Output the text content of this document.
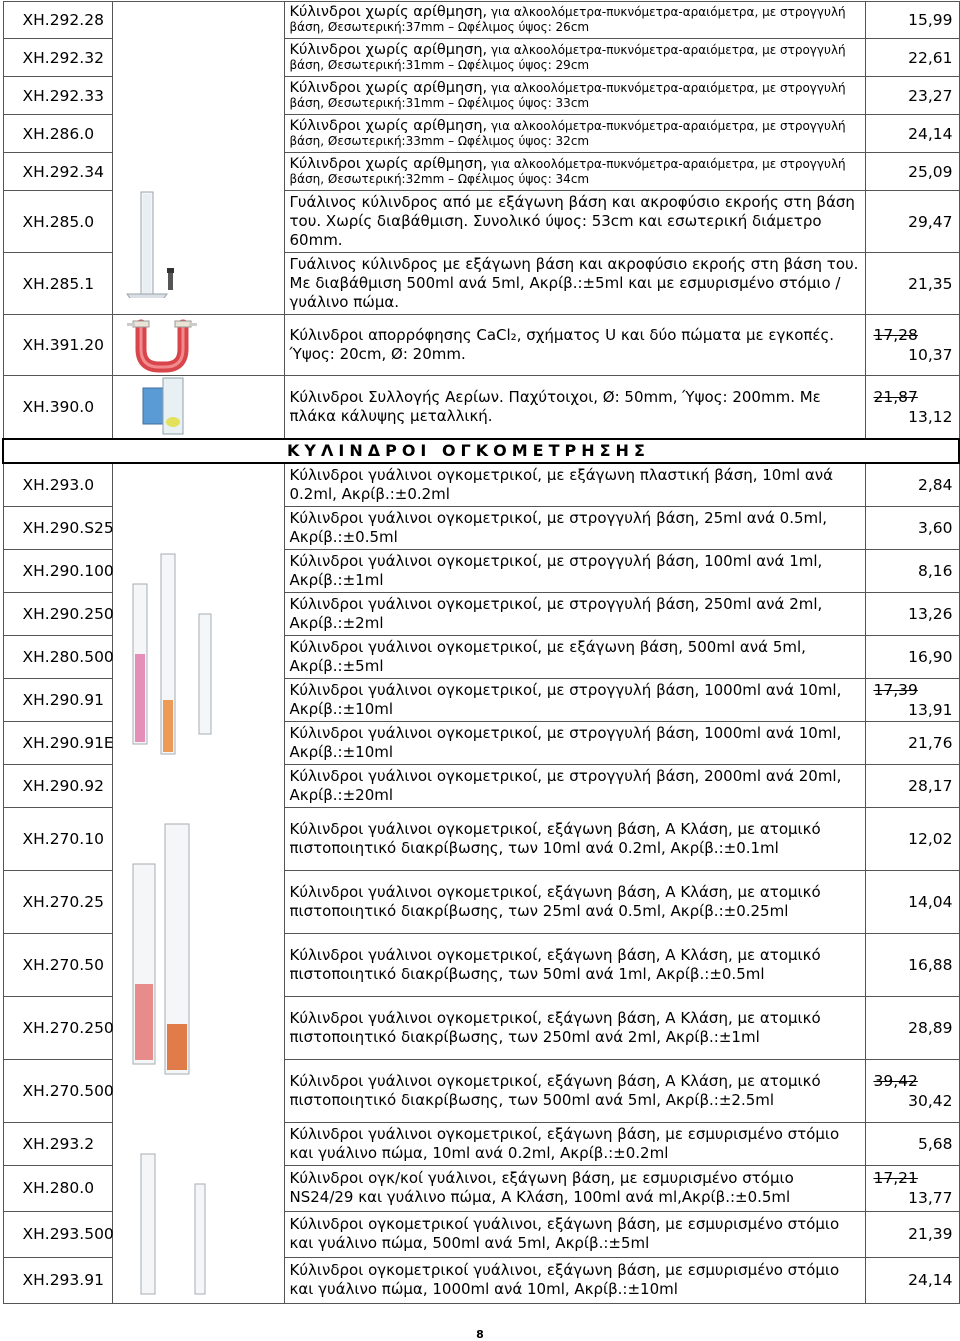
ΧΗ.292.28		Κύλινδροι χωρίς αρίθμηση, για αλκοολόμετρα-πυκνόμετρα-αραιόμετρα, με στρογγυλή βάση, Øεσωτερική:37mm – Ωφέλιμος ύψος: 26cm	15,99
ΧΗ.292.32		Κύλινδροι χωρίς αρίθμηση, για αλκοολόμετρα-πυκνόμετρα-αραιόμετρα, με στρογγυλή βάση, Øεσωτερική:31mm – Ωφέλιμος ύψος: 29cm	22,61
ΧΗ.292.33		Κύλινδροι χωρίς αρίθμηση, για αλκοολόμετρα-πυκνόμετρα-αραιόμετρα, με στρογγυλή βάση, Øεσωτερική:31mm – Ωφέλιμος ύψος: 33cm	23,27
ΧΗ.286.0		Κύλινδροι χωρίς αρίθμηση, για αλκοολόμετρα-πυκνόμετρα-αραιόμετρα, με στρογγυλή βάση, Øεσωτερική:33mm – Ωφέλιμος ύψος: 32cm	24,14
ΧΗ.292.34		Κύλινδροι χωρίς αρίθμηση, για αλκοολόμετρα-πυκνόμετρα-αραιόμετρα, με στρογγυλή βάση, Øεσωτερική:32mm – Ωφέλιμος ύψος: 34cm	25,09
ΧΗ.285.0		Γυάλινος κύλινδρος από με εξάγωνη βάση και ακροφύσιο εκροής στη βάση του. Χωρίς διαβάθμιση. Συνολικό ύψος: 53cm και εσωτερική διάμετρο 60mm.	29,47
ΧΗ.285.1		Γυάλινος κύλινδρος με εξάγωνη βάση και ακροφύσιο εκροής στη βάση του. Με διαβάθμιση 500ml ανά 5ml, Ακρίβ.:±5ml και με εσμυρισμένο στόμιο / γυάλινο πώμα.	21,35
ΧΗ.391.20		Κύλινδροι απορρόφησης CaCl₂, σχήματος U και δύο πώματα με εγκοπές. Ύψος: 20cm, Ø: 20mm.	17,28
10,37

ΧΗ.390.0		Κύλινδροι Συλλογής Αερίων. Παχύτοιχοι, Ø: 50mm, Ύψος: 200mm. Με πλάκα κάλυψης μεταλλική.	21,87
13,12

ΚΥΛΙΝΔΡΟΙ ΟΓΚΟΜΕΤΡΗΣΗΣ			
ΧΗ.293.0		Κύλινδροι γυάλινοι ογκομετρικοί, με εξάγωνη πλαστική βάση, 10ml ανά 0.2ml, Ακρίβ.:±0.2ml	2,84
ΧΗ.290.S25		Κύλινδροι γυάλινοι ογκομετρικοί, με στρογγυλή βάση, 25ml ανά 0.5ml, Ακρίβ.:±0.5ml	3,60
ΧΗ.290.100		Κύλινδροι γυάλινοι ογκομετρικοί, με στρογγυλή βάση, 100ml ανά 1ml, Ακρίβ.:±1ml	8,16
ΧΗ.290.250		Κύλινδροι γυάλινοι ογκομετρικοί, με στρογγυλή βάση, 250ml ανά 2ml, Ακρίβ.:±2ml	13,26
ΧΗ.280.500		Κύλινδροι γυάλινοι ογκομετρικοί, με εξάγωνη βάση, 500ml ανά 5ml, Ακρίβ.:±5ml	16,90
ΧΗ.290.91		Κύλινδροι γυάλινοι ογκομετρικοί, με στρογγυλή βάση, 1000ml ανά 10ml, Ακρίβ.:±10ml	17,39
13,91

ΧΗ.290.91Ε		Κύλινδροι γυάλινοι ογκομετρικοί, με στρογγυλή βάση, 1000ml ανά 10ml, Ακρίβ.:±10ml	21,76
ΧΗ.290.92		Κύλινδροι γυάλινοι ογκομετρικοί, με στρογγυλή βάση, 2000ml ανά 20ml, Ακρίβ.:±20ml	28,17
ΧΗ.270.10		Κύλινδροι γυάλινοι ογκομετρικοί, εξάγωνη βάση, Α Κλάση, με ατομικό πιστοποιητικό διακρίβωσης, των 10ml ανά 0.2ml, Ακρίβ.:±0.1ml	12,02
ΧΗ.270.25		Κύλινδροι γυάλινοι ογκομετρικοί, εξάγωνη βάση, Α Κλάση, με ατομικό πιστοποιητικό διακρίβωσης, των 25ml ανά 0.5ml, Ακρίβ.:±0.25ml	14,04
ΧΗ.270.50		Κύλινδροι γυάλινοι ογκομετρικοί, εξάγωνη βάση, Α Κλάση, με ατομικό πιστοποιητικό διακρίβωσης, των 50ml ανά 1ml, Ακρίβ.:±0.5ml	16,88
ΧΗ.270.250		Κύλινδροι γυάλινοι ογκομετρικοί, εξάγωνη βάση, Α Κλάση, με ατομικό πιστοποιητικό διακρίβωσης, των 250ml ανά 2ml, Ακρίβ.:±1ml	28,89
ΧΗ.270.500		Κύλινδροι γυάλινοι ογκομετρικοί, εξάγωνη βάση, Α Κλάση, με ατομικό πιστοποιητικό διακρίβωσης, των 500ml ανά 5ml, Ακρίβ.:±2.5ml	39,42
30,42

ΧΗ.293.2		Κύλινδροι γυάλινοι ογκομετρικοί, εξάγωνη βάση, με εσμυρισμένο στόμιο και γυάλινο πώμα, 10ml ανά 0.2ml, Ακρίβ.:±0.2ml	5,68
ΧΗ.280.0		Κύλινδροι ογκ/κοί γυάλινοι, εξάγωνη βάση, με εσμυρισμένο στόμιο NS24/29 και γυάλινο πώμα, Α Κλάση, 100ml ανά ml,Ακρίβ.:±0.5ml	17,21
13,77

ΧΗ.293.500		Κύλινδροι ογκομετρικοί γυάλινοι, εξάγωνη βάση, με εσμυρισμένο στόμιο και γυάλινο πώμα, 500ml ανά 5ml, Ακρίβ.:±5ml	21,39
ΧΗ.293.91		Κύλινδροι ογκομετρικοί γυάλινοι, εξάγωνη βάση, με εσμυρισμένο στόμιο και γυάλινο πώμα, 1000ml ανά 10ml, Ακρίβ.:±10ml	24,14
8
